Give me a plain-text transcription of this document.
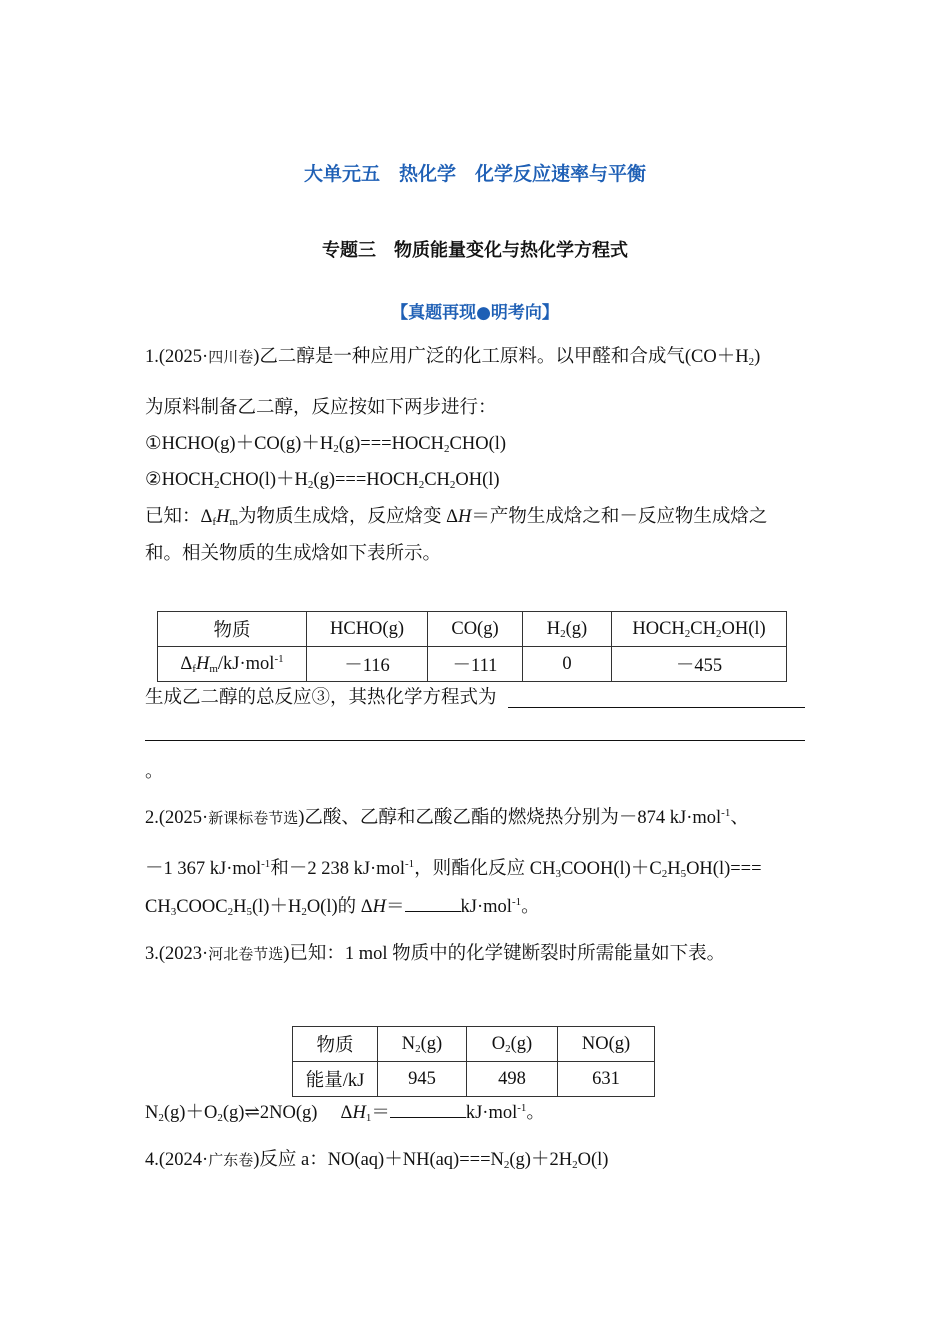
大单元五　热化学　化学反应速率与平衡
专题三　物质能量变化与热化学方程式
【真题再现●明考向】
1.(2025·四川卷)乙二醇是一种应用广泛的化工原料。以甲醛和合成气$(CO+H_2)$
为原料制备乙二醇，反应按如下两步进行：
$①HCHO(g)+CO(g)+H_2(g)===HOCH_2CHO(l)$
$②HOCH_2CHO(l)+H_2(g)===HOCH_2CH_2OH(l)$
已知：$\Delta_fH_m$为物质生成焓，反应焓变 ΔH＝产物生成焓之和－反应物生成焓之
和。相关物质的生成焓如下表所示。
物质	HCHO(g)	CO(g)	$H_2(g)$	$HOCH_2CH_2OH(l)$
$\Delta_fH_m/kJ\cdot mol^{-1}$	－116	－111	0	－455
生成乙二醇的总反应③，其热化学方程式为
。
2.(2025·新课标卷节选)乙酸、乙醇和乙酸乙酯的燃烧热分别为－874 kJ·mol$^{-1}$、
－1 367 kJ·mol$^{-1}$和－2 238 kJ·mol$^{-1}$，则酯化反应 $CH_3COOH(l)+C_2H_5OH(l)===$
$CH_3COOC_2H_5(l)+H_2O(l)$的 ΔH＝	kJ·mol$^{-1}$。
3.(2023·河北卷节选)已知：1 mol 物质中的化学键断裂时所需能量如下表。
物质	$N_2(g)$	$O_2(g)$	NO(g)
能量/kJ	945	498	631
$N_2(g)+O_2(g)\rightleftharpoons 2NO(g)$　 $\Delta H_1=$	kJ·mol$^{-1}$。
4.(2024·广东卷)反应 a：$NO(aq)+NH(aq)===N_2(g)+2H_2O(l)$
